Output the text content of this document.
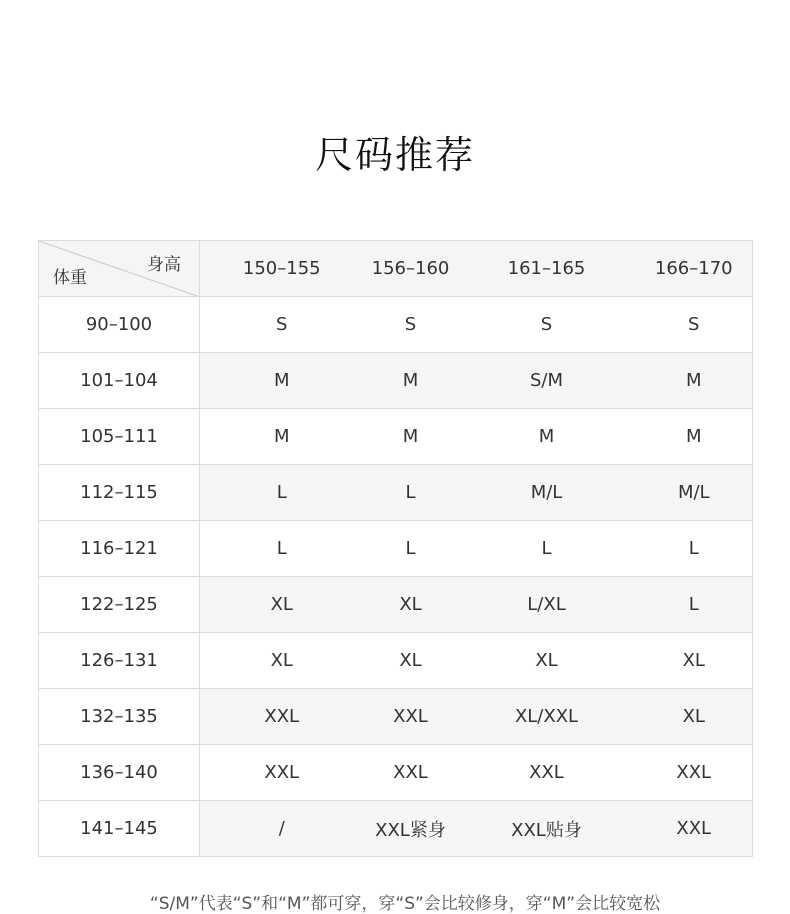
尺码推荐
身高
体重	150–155	156–160	161–165	166–170
90–100	S	S	S	S
101–104	M	M	S/M	M
105–111	M	M	M	M
112–115	L	L	M/L	M/L
116–121	L	L	L	L
122–125	XL	XL	L/XL	L
126–131	XL	XL	XL	XL
132–135	XXL	XXL	XL/XXL	XL
136–140	XXL	XXL	XXL	XXL
141–145	/	XXL紧身	XXL贴身	XXL

“S/M”代表“S”和“M”都可穿，穿“S”会比较修身，穿“M”会比较宽松
